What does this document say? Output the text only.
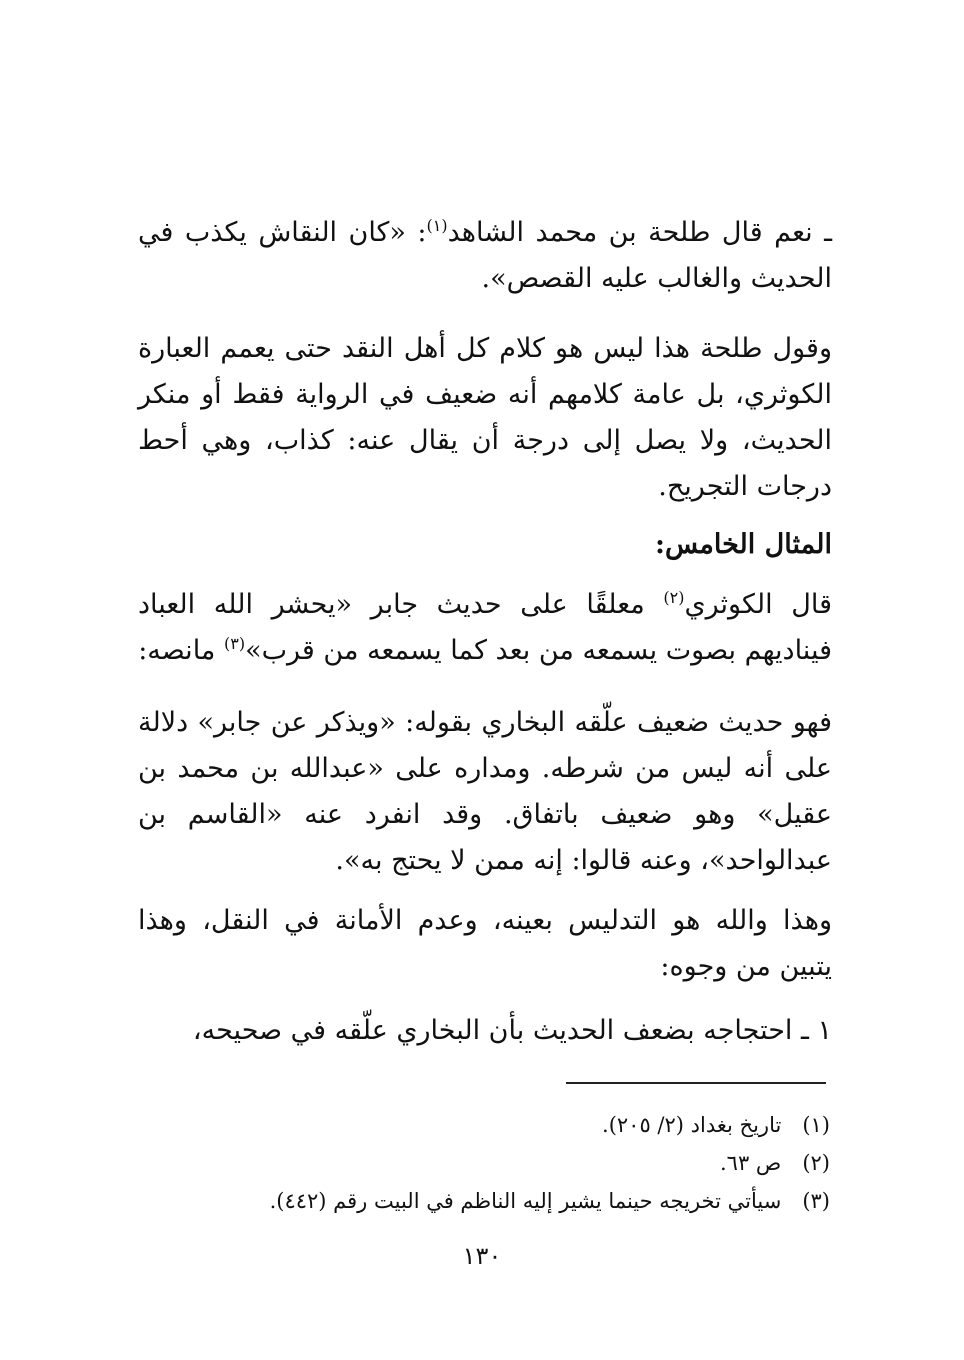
ـ نعم قال طلحة بن محمد الشاهد$^{(١)}$: «كان النقاش يكذب في الحديث والغالب عليه القصص».
وقول طلحة هذا ليس هو كلام كل أهل النقد حتى يعمم العبارة الكوثري، بل عامة كلامهم أنه ضعيف في الرواية فقط أو منكر الحديث، ولا يصل إلى درجة أن يقال عنه: كذاب، وهي أحط درجات التجريح.
المثال الخامس:
قال الكوثري$^{(٢)}$ معلقًا على حديث جابر «يحشر الله العباد فيناديهم بصوت يسمعه من بعد كما يسمعه من قرب»$^{(٣)}$ مانصه:
فهو حديث ضعيف علّقه البخاري بقوله: «ويذكر عن جابر» دلالة على أنه ليس من شرطه. ومداره على «عبدالله بن محمد بن عقيل» وهو ضعيف باتفاق. وقد انفرد عنه «القاسم بن عبدالواحد»، وعنه قالوا: إنه ممن لا يحتج به».
وهذا والله هو التدليس بعينه، وعدم الأمانة في النقل، وهذا يتبين من وجوه:
١ ـ احتجاجه بضعف الحديث بأن البخاري علّقه في صحيحه،
(١) تاريخ بغداد (٢/ ٢٠٥).
(٢) ص ٦٣.
(٣) سيأتي تخريجه حينما يشير إليه الناظم في البيت رقم (٤٤٢).
١٣٠
